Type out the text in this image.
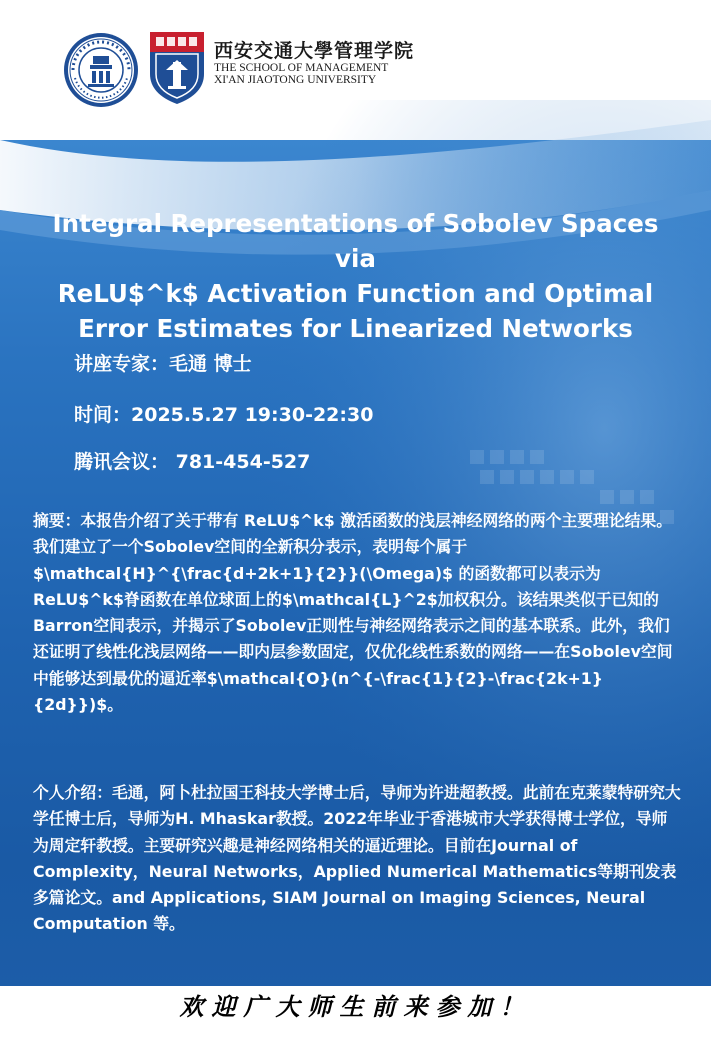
西安交通大學管理学院
THE SCHOOL OF MANAGEMENT
XI'AN JIAOTONG UNIVERSITY
Integral Representations of Sobolev Spaces via
ReLU$^k$ Activation Function and Optimal
Error Estimates for Linearized Networks
讲座专家：毛通 博士
时间：2025.5.27 19:30-22:30
腾讯会议： 781-454-527

摘要：本报告介绍了关于带有 ReLU$^k$ 激活函数的浅层神经网络的两个主要理论结果。我们建立了一个Sobolev空间的全新积分表示，表明每个属于 $\mathcal{H}^{\frac{d+2k+1}{2}}(\Omega)$ 的函数都可以表示为ReLU$^k$脊函数在单位球面上的$\mathcal{L}^2$加权积分。该结果类似于已知的Barron空间表示，并揭示了Sobolev正则性与神经网络表示之间的基本联系。此外，我们还证明了线性化浅层网络——即内层参数固定，仅优化线性系数的网络——在Sobolev空间中能够达到最优的逼近率$\mathcal{O}(n^{-\frac{1}{2}-\frac{2k+1}{2d}})$。

个人介绍：毛通，阿卜杜拉国王科技大学博士后，导师为许进超教授。此前在克莱蒙特研究大学任博士后，导师为H. Mhaskar教授。2022年毕业于香港城市大学获得博士学位，导师为周定轩教授。主要研究兴趣是神经网络相关的逼近理论。目前在Journal of Complexity，Neural Networks，Applied Numerical Mathematics等期刊发表多篇论文。and Applications, SIAM Journal on Imaging Sciences, Neural Computation 等。

欢迎广大师生前来参加！
